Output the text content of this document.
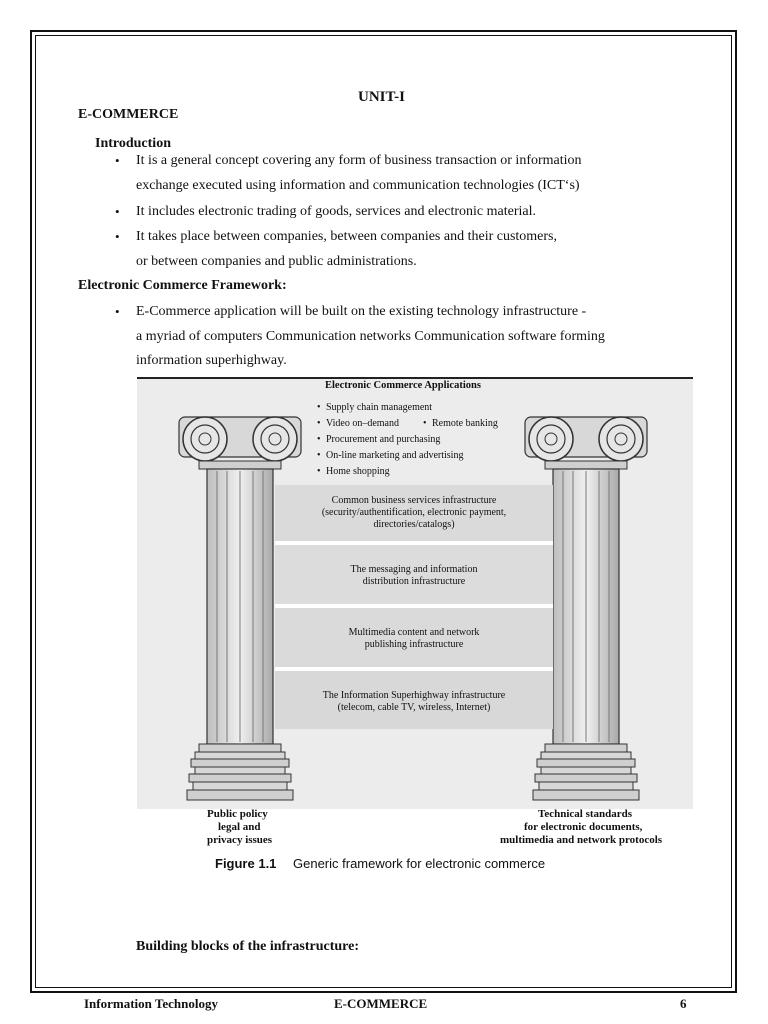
UNIT-I
E-COMMERCE
Introduction
• It is a general concept covering any form of business transaction or information
exchange executed using information and communication technologies (ICT‘s)
• It includes electronic trading of goods, services and electronic material.
• It takes place between companies, between companies and their customers,
or between companies and public administrations.
Electronic Commerce Framework:
• E-Commerce application will be built on the existing technology infrastructure -
a myriad of computers Communication networks Communication software forming
information superhighway.
Electronic Commerce Applications
• Supply chain management
• Video on–demand • Remote banking
• Procurement and purchasing
• On-line marketing and advertising
• Home shopping
Common business services infrastructure
(security/authentification, electronic payment,
directories/catalogs)
The messaging and information
distribution infrastructure
Multimedia content and network
publishing infrastructure
The Information Superhighway infrastructure
(telecom, cable TV, wireless, Internet)
Public policy
legal and
privacy issues
Technical standards
for electronic documents,
multimedia and network protocols
Figure 1.1 Generic framework for electronic commerce
Building blocks of the infrastructure:
Information Technology	E-COMMERCE	6
